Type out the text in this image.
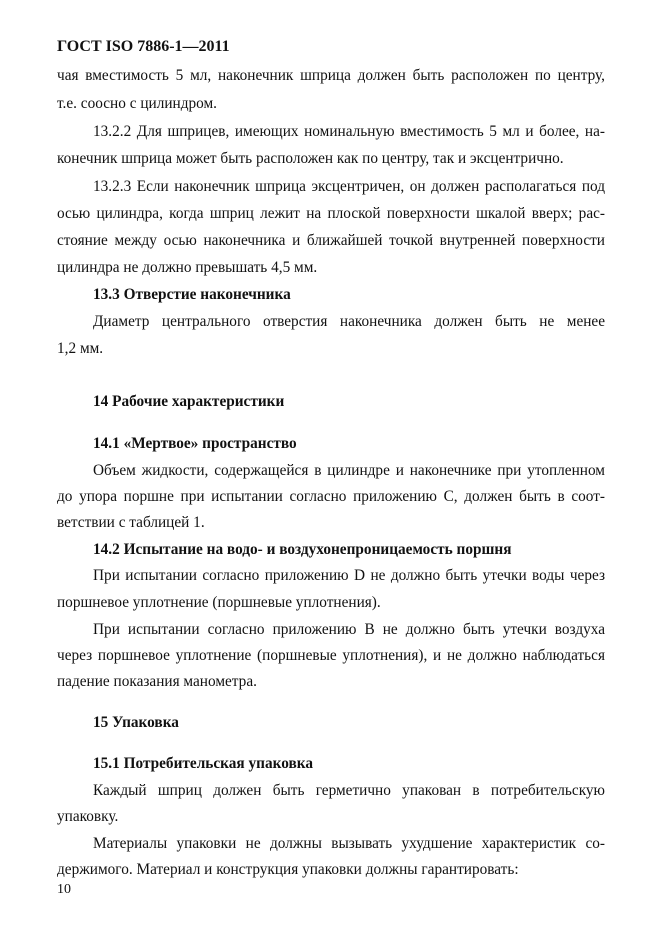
ГОСТ ISO 7886-1—2011
чая вместимость 5 мл, наконечник шприца должен быть расположен по центру,
т.е. соосно с цилиндром.
13.2.2 Для шприцев, имеющих номинальную вместимость 5 мл и более, на-
конечник шприца может быть расположен как по центру, так и эксцентрично.
13.2.3 Если наконечник шприца эксцентричен, он должен располагаться под
осью цилиндра, когда шприц лежит на плоской поверхности шкалой вверх; рас-
стояние между осью наконечника и ближайшей точкой внутренней поверхности
цилиндра не должно превышать 4,5 мм.
13.3 Отверстие наконечника
Диаметр центрального отверстия наконечника должен быть не менее
1,2 мм.
14 Рабочие характеристики
14.1 «Мертвое» пространство
Объем жидкости, содержащейся в цилиндре и наконечнике при утопленном
до упора поршне при испытании согласно приложению С, должен быть в соот-
ветствии с таблицей 1.
14.2 Испытание на водо- и воздухонепроницаемость поршня
При испытании согласно приложению D не должно быть утечки воды через
поршневое уплотнение (поршневые уплотнения).
При испытании согласно приложению В не должно быть утечки воздуха
через поршневое уплотнение (поршневые уплотнения), и не должно наблюдаться
падение показания манометра.
15 Упаковка
15.1 Потребительская упаковка
Каждый шприц должен быть герметично упакован в потребительскую
упаковку.
Материалы упаковки не должны вызывать ухудшение характеристик со-
держимого. Материал и конструкция упаковки должны гарантировать:
10
